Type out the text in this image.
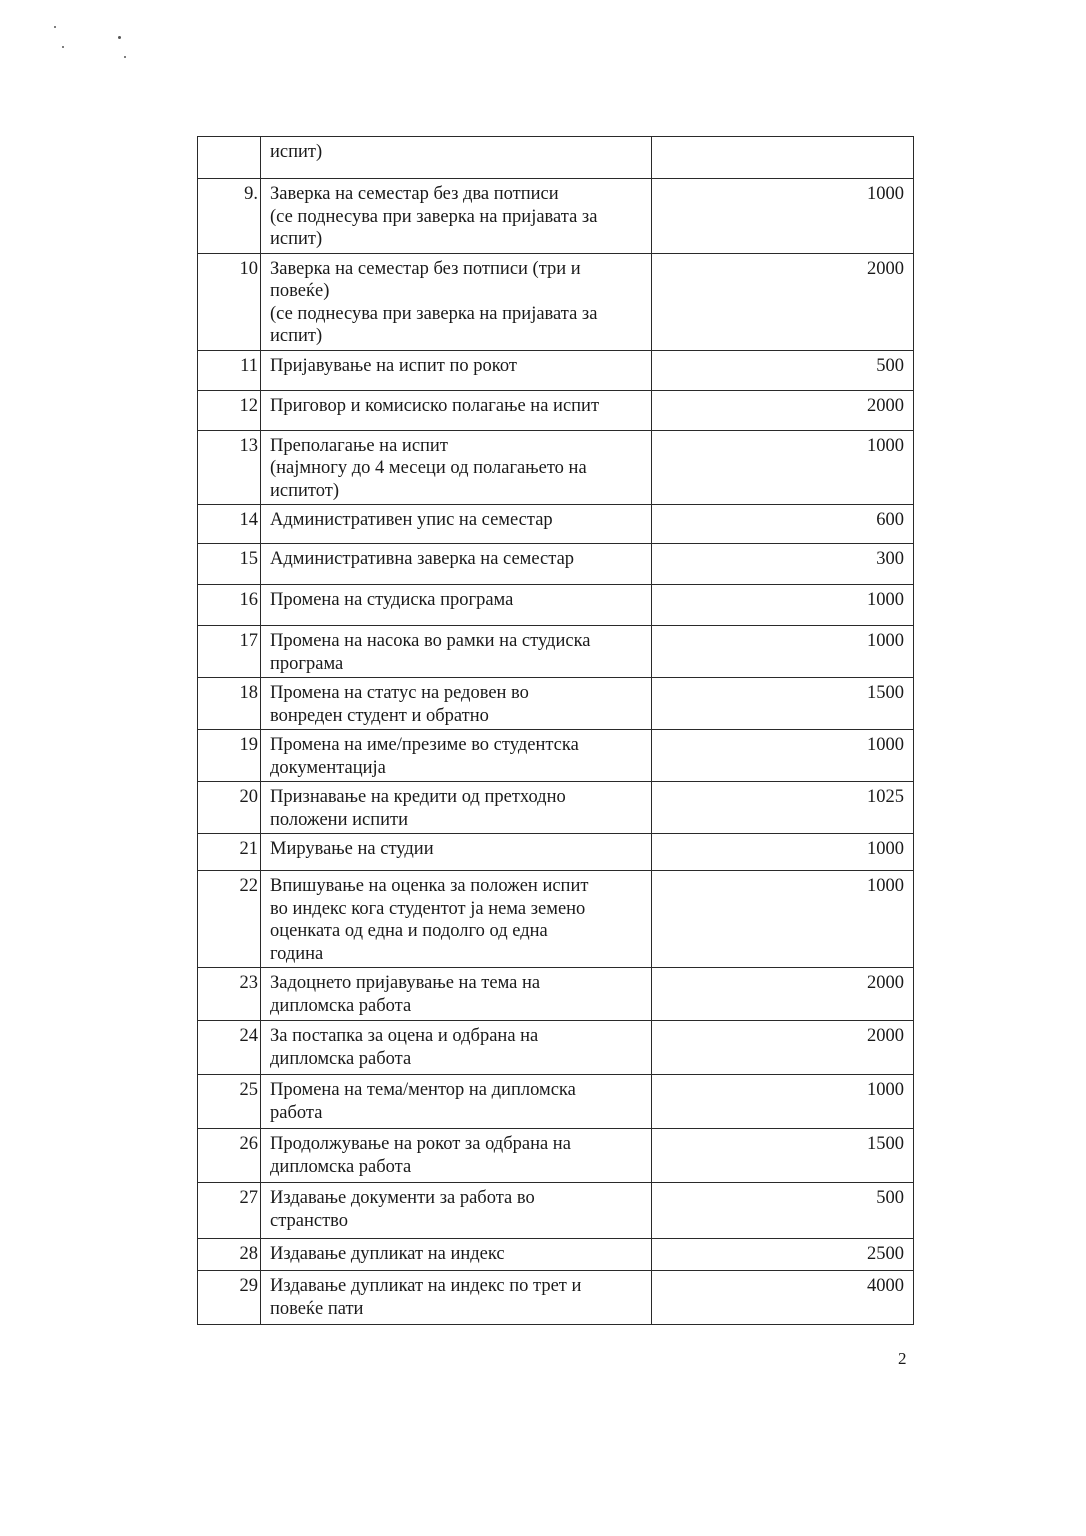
	испит)	

9.	Заверка на семестар без два потписи
(се поднесува при заверка на пријавата за
испит)	1000
10	Заверка на семестар без потписи (три и
повеќе)
(се поднесува при заверка на пријавата за
испит)	2000
11	Пријавување на испит по рокот	500
12	Приговор и комисиско полагање на испит	2000
13	Преполагање на испит
(најмногу до 4 месеци од полагањето на
испитот)	1000
14	Административен упис на семестар	600
15	Административна заверка на семестар	300
16	Промена на студиска програма	1000
17	Промена на насока во рамки на студиска
програма	1000
18	Промена на статус на редовен во
вонреден студент и обратно	1500
19	Промена на име/презиме во студентска
документација	1000
20	Признавање на кредити од претходно
положени испити	1025
21	Мирување на студии	1000
22	Впишување на оценка за положен испит
во индекс кога студентот ја нема земено
оценката од една и подолго од една
година	1000
23	Задоцнето пријавување на тема на
дипломска работа	2000
24	За постапка за оцена и одбрана на
дипломска работа	2000
25	Промена на тема/ментор на дипломска
работа	1000
26	Продолжување на рокот за одбрана на
дипломска работа	1500
27	Издавање документи за работа во
странство	500
28	Издавање дупликат на индекс	2500
29	Издавање дупликат на индекс по трет и
повеќе пати	4000
2
